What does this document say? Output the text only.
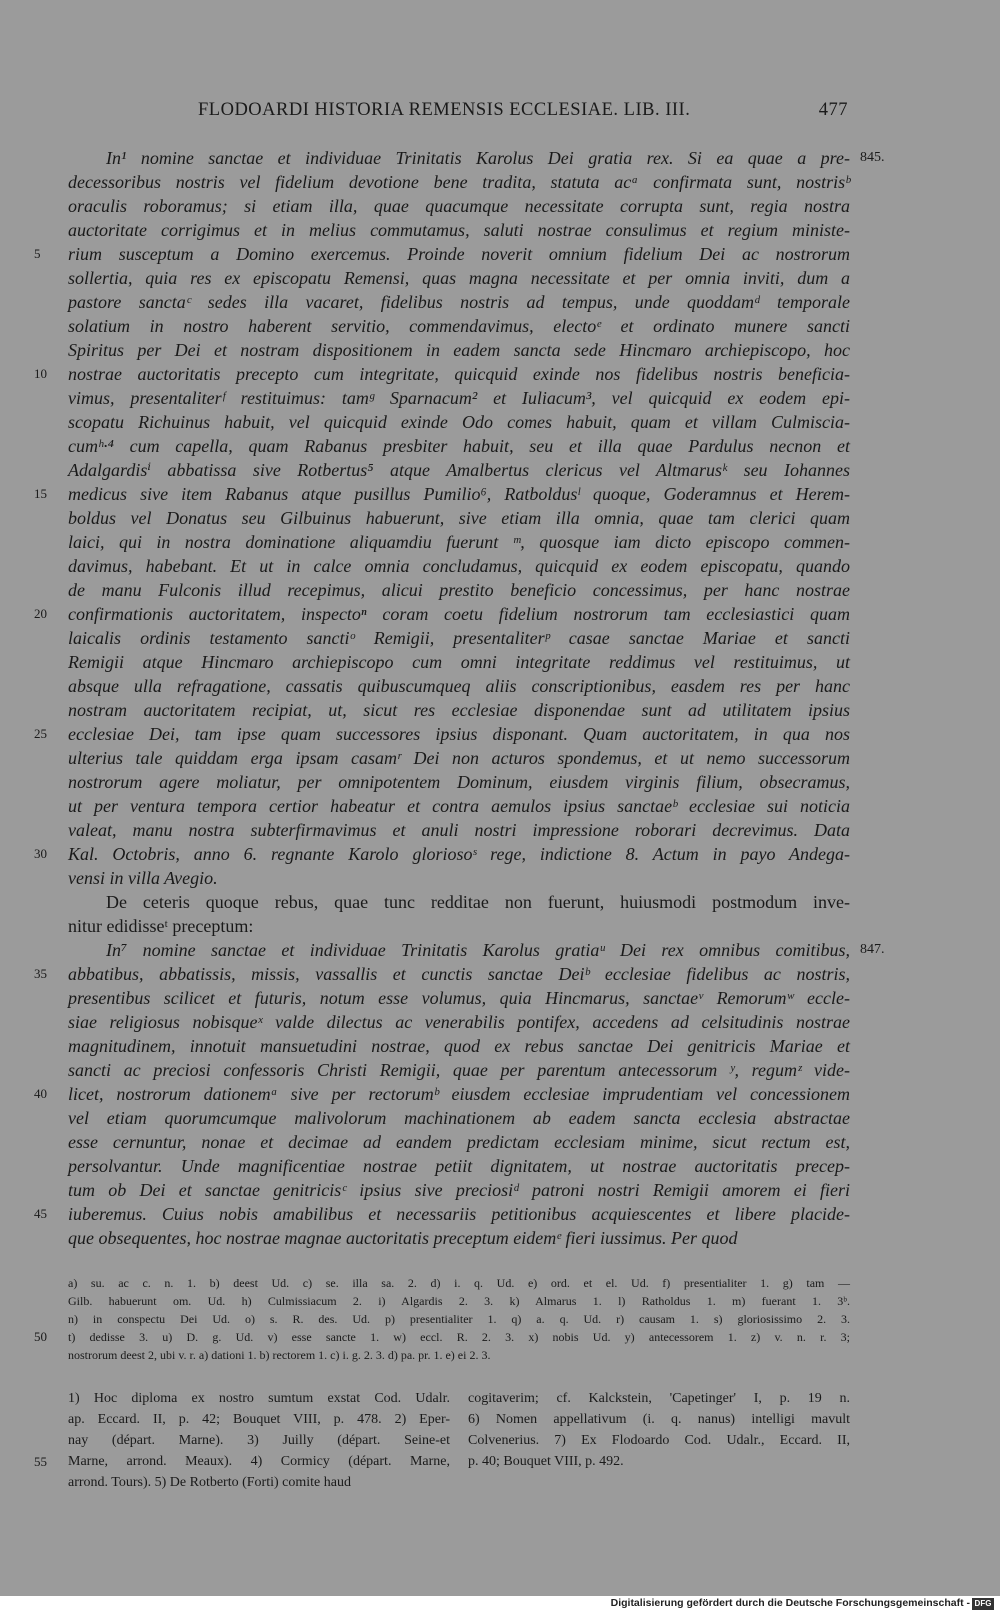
FLODOARDI HISTORIA REMENSIS ECCLESIAE. LIB. III.	477
In¹ nomine sanctae et individuae Trinitatis Karolus Dei gratia rex. Si ea quae a pre- 845.
decessoribus nostris vel fidelium devotione bene tradita, statuta acᵃ confirmata sunt, nostrisᵇ
oraculis roboramus; si etiam illa, quae quacumque necessitate corrupta sunt, regia nostra
auctoritate corrigimus et in melius commutamus, saluti nostrae consulimus et regium ministe-
5	rium susceptum a Domino exercemus. Proinde noverit omnium fidelium Dei ac nostrorum
sollertia, quia res ex episcopatu Remensi, quas magna necessitate et per omnia inviti, dum a
pastore sanctaᶜ sedes illa vacaret, fidelibus nostris ad tempus, unde quoddamᵈ temporale
solatium in nostro haberent servitio, commendavimus, electoᵉ et ordinato munere sancti
Spiritus per Dei et nostram dispositionem in eadem sancta sede Hincmaro archiepiscopo, hoc
10	nostrae auctoritatis precepto cum integritate, quicquid exinde nos fidelibus nostris beneficia-
vimus, presentaliterᶠ restituimus: tamᵍ Sparnacum² et Iuliacum³, vel quicquid ex eodem epi-
scopatu Richuinus habuit, vel quicquid exinde Odo comes habuit, quam et villam Culmiscia-
cumʰ·⁴ cum capella, quam Rabanus presbiter habuit, seu et illa quae Pardulus necnon et
Adalgardisⁱ abbatissa sive Rotbertus⁵ atque Amalbertus clericus vel Altmarusᵏ seu Iohannes
15	medicus sive item Rabanus atque pusillus Pumilio⁶, Ratboldusˡ quoque, Goderamnus et Herem-
boldus vel Donatus seu Gilbuinus habuerunt, sive etiam illa omnia, quae tam clerici quam
laici, qui in nostra dominatione aliquamdiu fuerunt ᵐ, quosque iam dicto episcopo commen-
davimus, habebant. Et ut in calce omnia concludamus, quicquid ex eodem episcopatu, quando
de manu Fulconis illud recepimus, alicui prestito beneficio concessimus, per hanc nostrae
20	confirmationis auctoritatem, inspectoⁿ coram coetu fidelium nostrorum tam ecclesiastici quam
laicalis ordinis testamento sanctiᵒ Remigii, presentaliterᵖ casae sanctae Mariae et sancti
Remigii atque Hincmaro archiepiscopo cum omni integritate reddimus vel restituimus, ut
absque ulla refragatione, cassatis quibuscumqueq aliis conscriptionibus, easdem res per hanc
nostram auctoritatem recipiat, ut, sicut res ecclesiae disponendae sunt ad utilitatem ipsius
25	ecclesiae Dei, tam ipse quam successores ipsius disponant. Quam auctoritatem, in qua nos
ulterius tale quiddam erga ipsam casamʳ Dei non acturos spondemus, et ut nemo successorum
nostrorum agere moliatur, per omnipotentem Dominum, eiusdem virginis filium, obsecramus,
ut per ventura tempora certior habeatur et contra aemulos ipsius sanctaeᵇ ecclesiae sui noticia
valeat, manu nostra subterfirmavimus et anuli nostri impressione roborari decrevimus. Data
30	Kal. Octobris, anno 6. regnante Karolo gloriosoˢ rege, indictione 8. Actum in payo Andega-
vensi in villa Avegio.
De ceteris quoque rebus, quae tunc redditae non fuerunt, huiusmodi postmodum inve-
nitur edidisseᵗ preceptum:
In⁷ nomine sanctae et individuae Trinitatis Karolus gratiaᵘ Dei rex omnibus comitibus, 847.
35	abbatibus, abbatissis, missis, vassallis et cunctis sanctae Deiᵇ ecclesiae fidelibus ac nostris,
presentibus scilicet et futuris, notum esse volumus, quia Hincmarus, sanctaeᵛ Remorumʷ eccle-
siae religiosus nobisqueˣ valde dilectus ac venerabilis pontifex, accedens ad celsitudinis nostrae
magnitudinem, innotuit mansuetudini nostrae, quod ex rebus sanctae Dei genitricis Mariae et
sancti ac preciosi confessoris Christi Remigii, quae per parentum antecessorum ʸ, regumᶻ vide-
40	licet, nostrorum dationemᵃ sive per rectorumᵇ eiusdem ecclesiae imprudentiam vel concessionem
vel etiam quorumcumque malivolorum machinationem ab eadem sancta ecclesia abstractae
esse cernuntur, nonae et decimae ad eandem predictam ecclesiam minime, sicut rectum est,
persolvantur. Unde magnificentiae nostrae petiit dignitatem, ut nostrae auctoritatis precep-
tum ob Dei et sanctae genitricisᶜ ipsius sive preciosiᵈ patroni nostri Remigii amorem ei fieri
45	iuberemus. Cuius nobis amabilibus et necessariis petitionibus acquiescentes et libere placide-
que obsequentes, hoc nostrae magnae auctoritatis preceptum eidemᵉ fieri iussimus. Per quod
a) su. ac c. n. 1. b) deest Ud. c) se. illa sa. 2. d) i. q. Ud. e) ord. et el. Ud. f) presentialiter 1. g) tam —
Gilb. habuerunt om. Ud. h) Culmissiacum 2. i) Algardis 2. 3. k) Almarus 1. l) Ratholdus 1. m) fuerant 1. 3ᵇ.
n) in conspectu Dei Ud. o) s. R. des. Ud. p) presentialiter 1. q) a. q. Ud. r) causam 1. s) gloriosissimo 2. 3.
50	t) dedisse 3. u) D. g. Ud. v) esse sancte 1. w) eccl. R. 2. 3. x) nobis Ud. y) antecessorem 1. z) v. n. r. 3;
nostrorum deest 2, ubi v. r. a) dationi 1. b) rectorem 1. c) i. g. 2. 3. d) pa. pr. 1. e) ei 2. 3.
1) Hoc diploma ex nostro sumtum exstat Cod. Udalr.
ap. Eccard. II, p. 42; Bouquet VIII, p. 478. 2) Eper-
nay (départ. Marne). 3) Juilly (départ. Seine-et
55	Marne, arrond. Meaux). 4) Cormicy (départ. Marne,
arrond. Tours). 5) De Rotberto (Forti) comite haud
cogitaverim; cf. Kalckstein, 'Capetinger' I, p. 19 n.
6) Nomen appellativum (i. q. nanus) intelligi mavult
Colvenerius. 7) Ex Flodoardo Cod. Udalr., Eccard. II,
p. 40; Bouquet VIII, p. 492.
Digitalisierung gefördert durch die Deutsche Forschungsgemeinschaft - DFG
